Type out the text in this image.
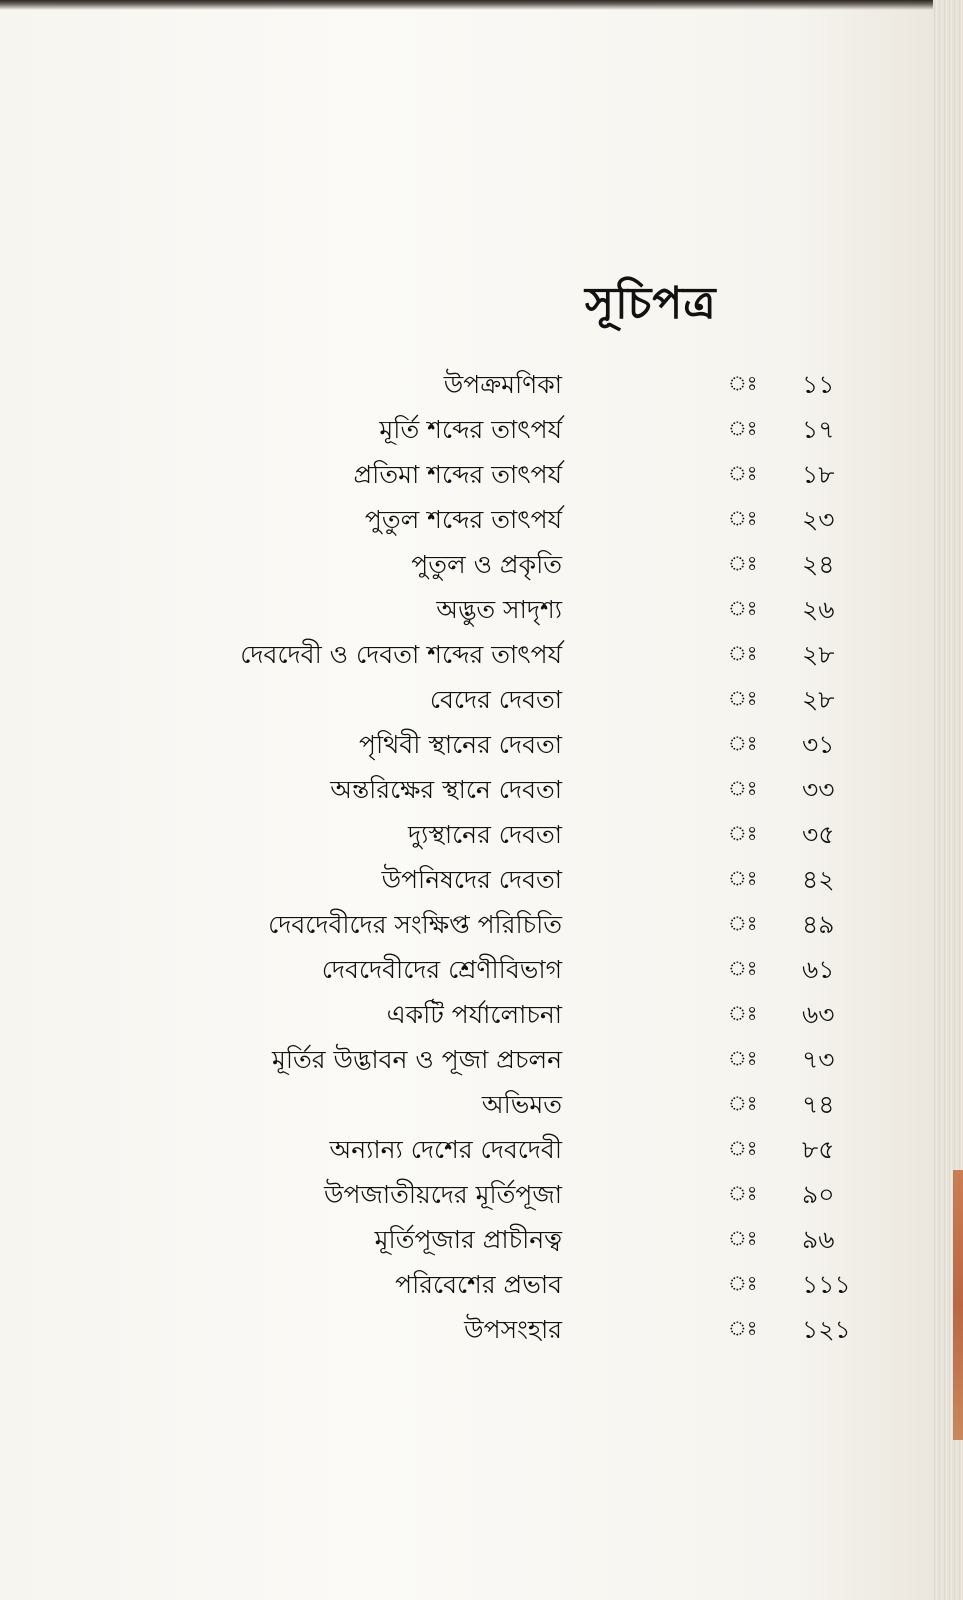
সূচিপত্র
উপক্রমণিকা	ঃ ১১
মূর্তি শব্দের তাৎপর্য	ঃ ১৭
প্রতিমা শব্দের তাৎপর্য	ঃ ১৮
পুতুল শব্দের তাৎপর্য	ঃ ২৩
পুতুল ও প্রকৃতি	ঃ ২৪
অদ্ভুত সাদৃশ্য	ঃ ২৬
দেবদেবী ও দেবতা শব্দের তাৎপর্য	ঃ ২৮
বেদের দেবতা	ঃ ২৮
পৃথিবী স্থানের দেবতা	ঃ ৩১
অন্তরিক্ষের স্থানে দেবতা	ঃ ৩৩
দ্যুস্থানের দেবতা	ঃ ৩৫
উপনিষদের দেবতা	ঃ ৪২
দেবদেবীদের সংক্ষিপ্ত পরিচিতি	ঃ ৪৯
দেবদেবীদের শ্রেণীবিভাগ	ঃ ৬১
একটি পর্যালোচনা	ঃ ৬৩
মূর্তির উদ্ভাবন ও পূজা প্রচলন	ঃ ৭৩
অভিমত	ঃ ৭৪
অন্যান্য দেশের দেবদেবী	ঃ ৮৫
উপজাতীয়দের মূর্তিপূজা	ঃ ৯০
মূর্তিপূজার প্রাচীনত্ব	ঃ ৯৬
পরিবেশের প্রভাব	ঃ ১১১
উপসংহার	ঃ ১২১
